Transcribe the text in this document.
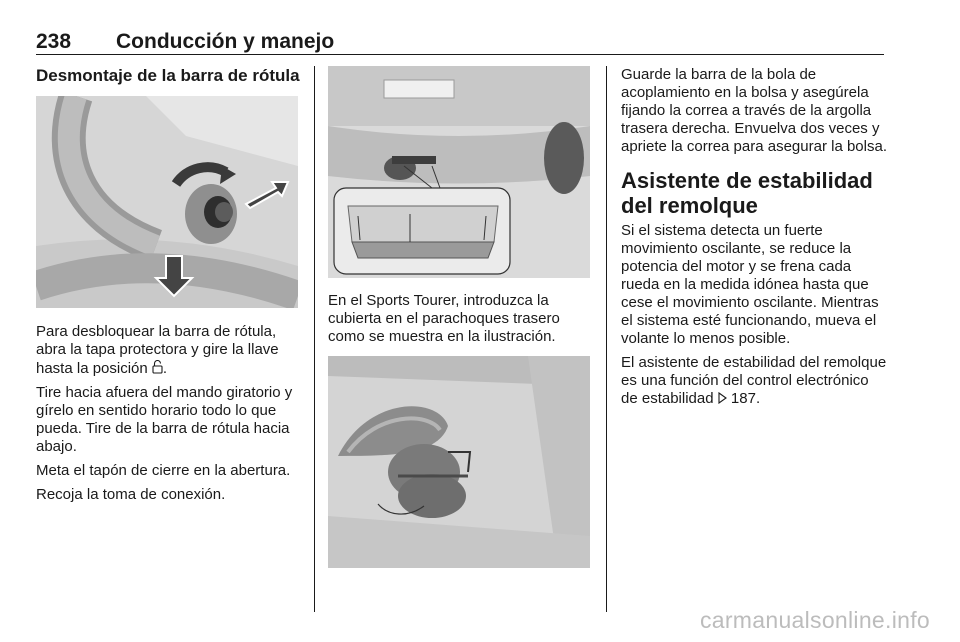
238 Conducción y manejo
Desmontaje de la barra de rótula

Para desbloquear la barra de rótula, abra la tapa protectora y gire la llave hasta la posición .

Tire hacia afuera del mando giratorio y gírelo en sentido horario todo lo que pueda. Tire de la barra de rótula hacia abajo.

Meta el tapón de cierre en la abertura.

Recoja la toma de conexión.

En el Sports Tourer, introduzca la cubierta en el parachoques trasero como se muestra en la ilustración.

Guarde la barra de la bola de acoplamiento en la bolsa y asegúrela fijando la correa a través de la argolla trasera derecha. Envuelva dos veces y apriete la correa para asegurar la bolsa.

Asistente de estabilidad del remolque

Si el sistema detecta un fuerte movimiento oscilante, se reduce la potencia del motor y se frena cada rueda en la medida idónea hasta que cese el movimiento oscilante. Mientras el sistema esté funcionando, mueva el volante lo menos posible.

El asistente de estabilidad del remolque es una función del control electrónico de estabilidad  187.

carmanualsonline.info
